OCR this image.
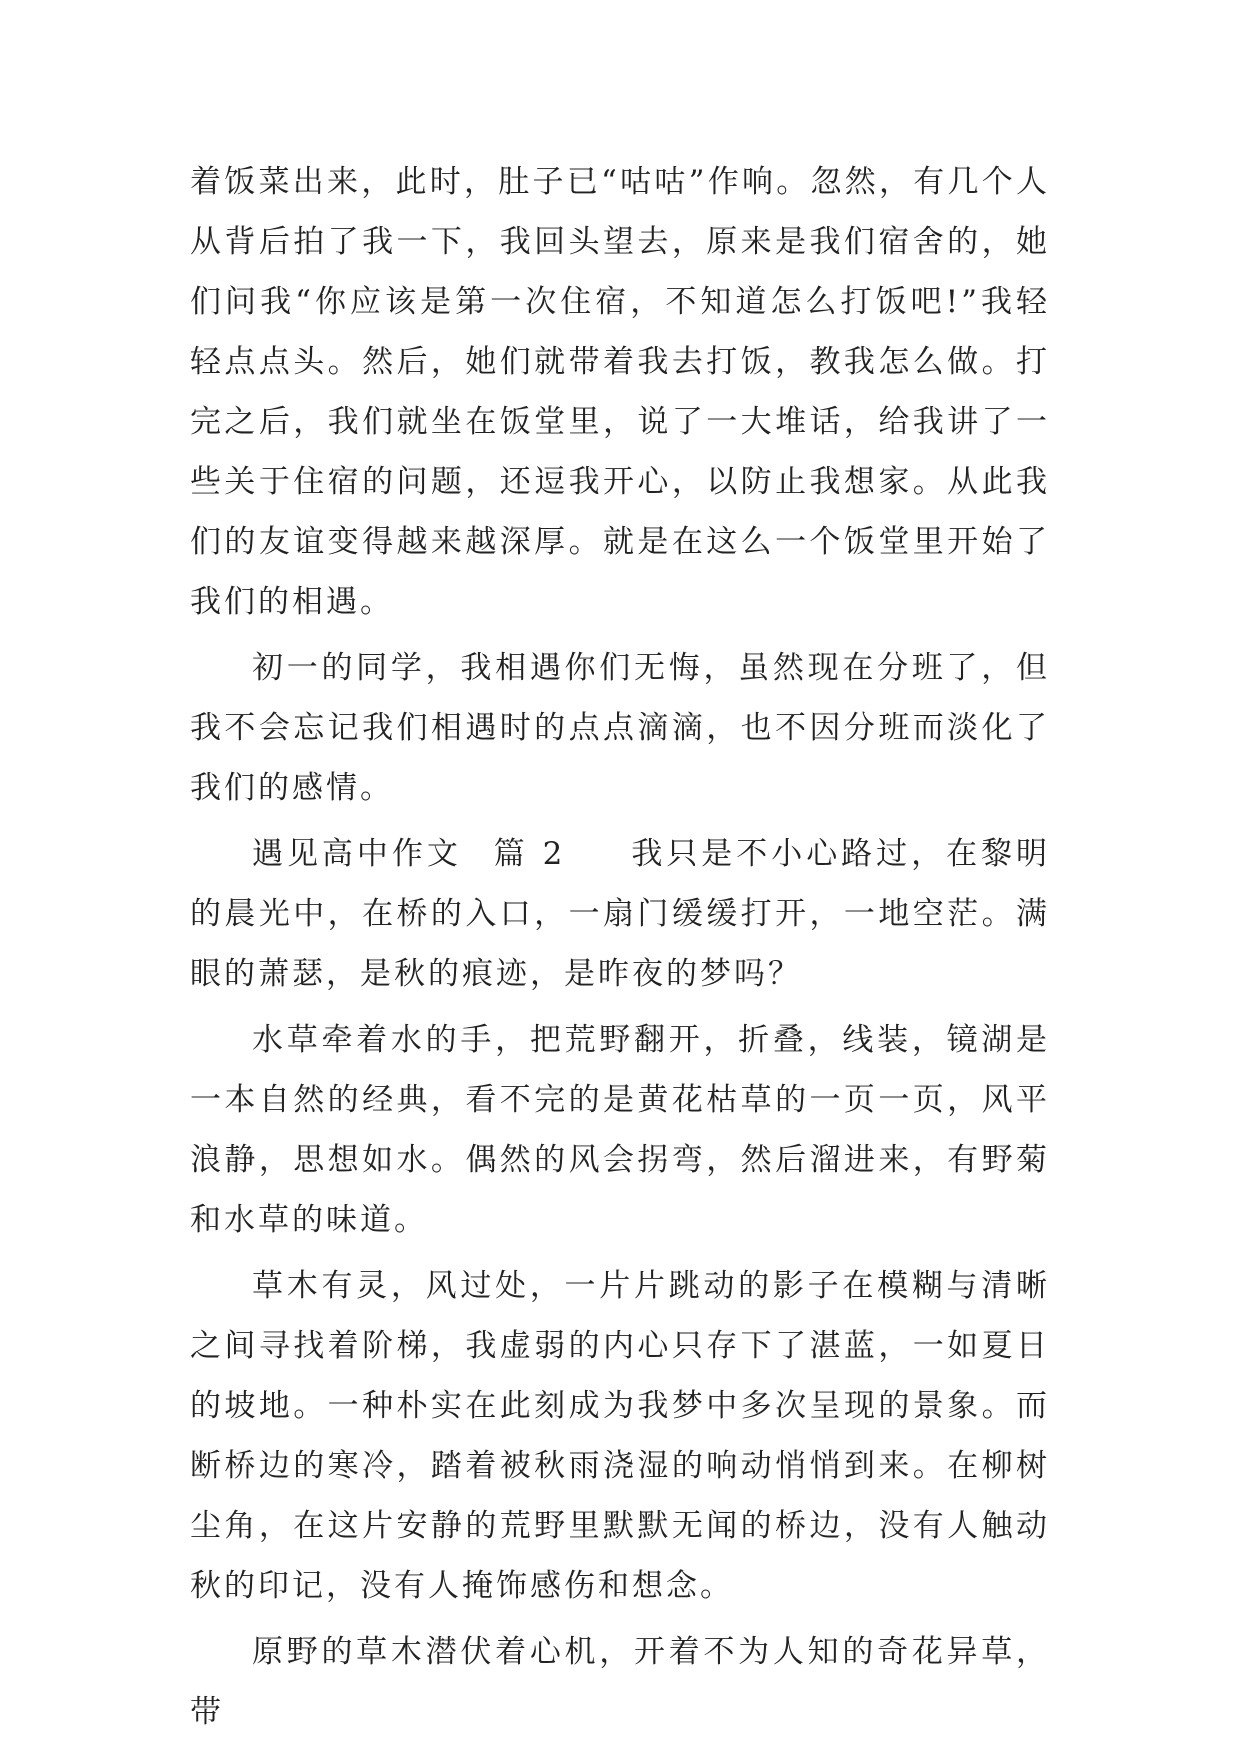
着饭菜出来，此时，肚子已“咕咕”作响。忽然，有几个人从背后拍了我一下，我回头望去，原来是我们宿舍的，她们问我“你应该是第一次住宿，不知道怎么打饭吧!”我轻轻点点头。然后，她们就带着我去打饭，教我怎么做。打完之后，我们就坐在饭堂里，说了一大堆话，给我讲了一些关于住宿的问题，还逗我开心，以防止我想家。从此我们的友谊变得越来越深厚。就是在这么一个饭堂里开始了我们的相遇。

初一的同学，我相遇你们无悔，虽然现在分班了，但我不会忘记我们相遇时的点点滴滴，也不因分班而淡化了我们的感情。

遇见高中作文 篇 2 我只是不小心路过，在黎明的晨光中，在桥的入口，一扇门缓缓打开，一地空茫。满眼的萧瑟，是秋的痕迹，是昨夜的梦吗？

水草牵着水的手，把荒野翻开，折叠，线装，镜湖是一本自然的经典，看不完的是黄花枯草的一页一页，风平浪静，思想如水。偶然的风会拐弯，然后溜进来，有野菊和水草的味道。

草木有灵，风过处，一片片跳动的影子在模糊与清晰之间寻找着阶梯，我虚弱的内心只存下了湛蓝，一如夏日的坡地。一种朴实在此刻成为我梦中多次呈现的景象。而断桥边的寒冷，踏着被秋雨浇湿的响动悄悄到来。在柳树尘角，在这片安静的荒野里默默无闻的桥边，没有人触动秋的印记，没有人掩饰感伤和想念。

原野的草木潜伏着心机，开着不为人知的奇花异草，带
